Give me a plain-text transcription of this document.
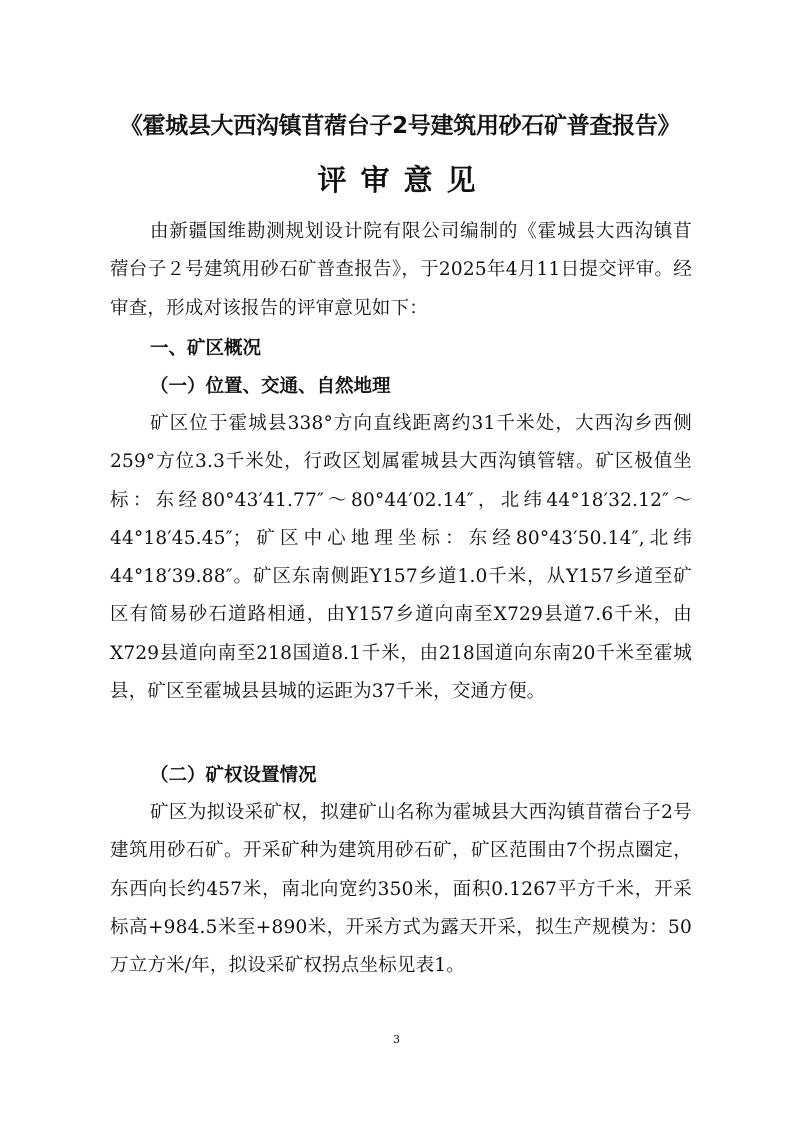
《霍城县大西沟镇苜蓿台子2号建筑用砂石矿普查报告》
评审意见

由新疆国维勘测规划设计院有限公司编制的《霍城县大西沟镇苜蓿台子２号建筑用砂石矿普查报告》，于2025年4月11日提交评审。经审查，形成对该报告的评审意见如下：

一、矿区概况

（一）位置、交通、自然地理

矿区位于霍城县338°方向直线距离约31千米处，大西沟乡西侧259°方位3.3千米处，行政区划属霍城县大西沟镇管辖。矿区极值坐标：东经80°43′41.77″～80°44′02.14″，北纬44°18′32.12″～44°18′45.45″；矿区中心地理坐标：东经80°43′50.14″,北纬44°18′39.88″。矿区东南侧距Y157乡道1.0千米，从Y157乡道至矿区有简易砂石道路相通，由Y157乡道向南至X729县道7.6千米，由X729县道向南至218国道8.1千米，由218国道向东南20千米至霍城县，矿区至霍城县县城的运距为37千米，交通方便。

（二）矿权设置情况

矿区为拟设采矿权，拟建矿山名称为霍城县大西沟镇苜蓿台子2号建筑用砂石矿。开采矿种为建筑用砂石矿，矿区范围由7个拐点圈定，东西向长约457米，南北向宽约350米，面积0.1267平方千米，开采标高+984.5米至+890米，开采方式为露天开采，拟生产规模为：50万立方米/年，拟设采矿权拐点坐标见表1。

3
